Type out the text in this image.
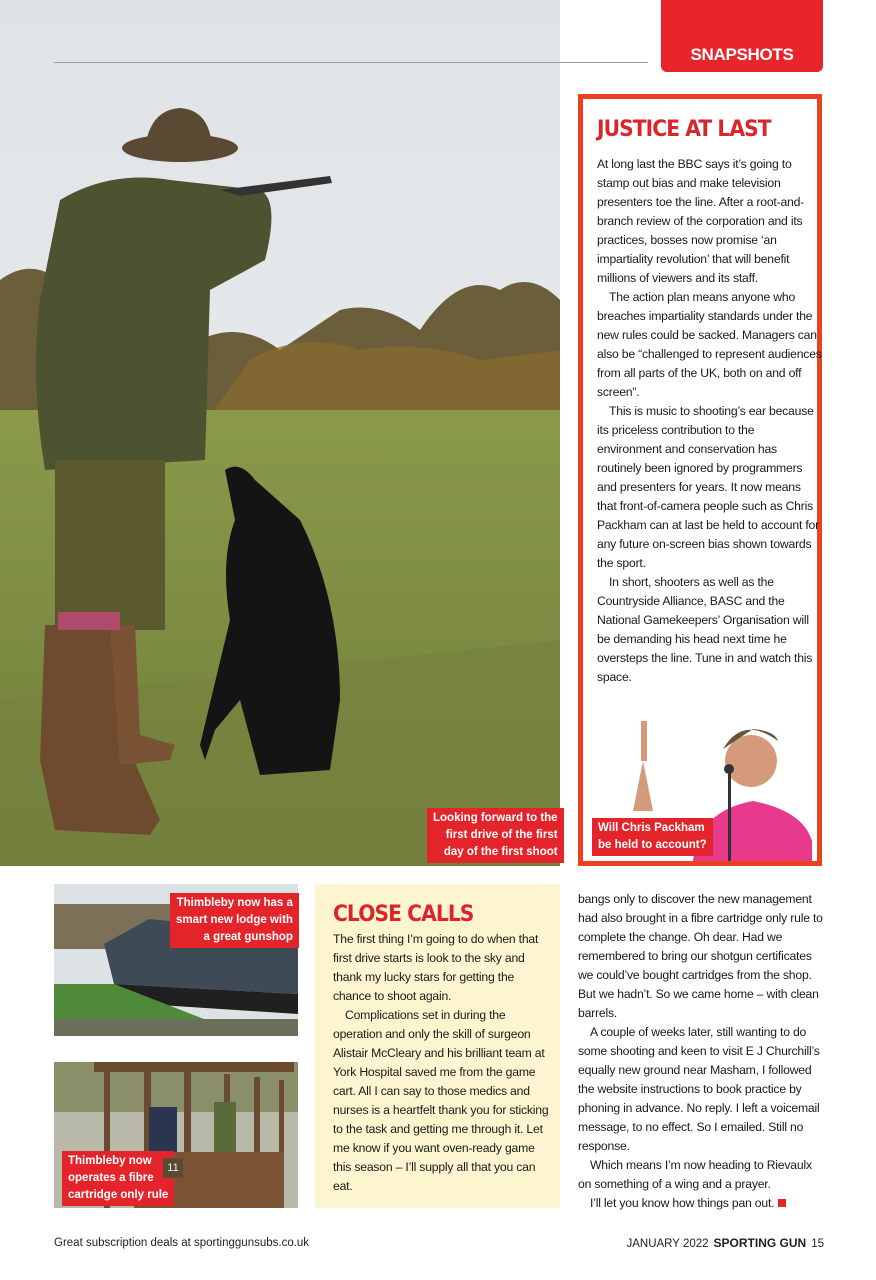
Looking forward to the
first drive of the first
day of the first shoot
SNAPSHOTS
JUSTICE AT LAST

At long last the BBC says it’s going to stamp out bias and make television presenters toe the line. After a root-and-branch review of the corporation and its practices, bosses now promise ‘an impartiality revolution’ that will benefit millions of viewers and its staff.

The action plan means anyone who breaches impartiality standards under the new rules could be sacked. Managers can also be “challenged to represent audiences from all parts of the UK, both on and off screen”.

This is music to shooting’s ear because its priceless contribution to the environment and conservation has routinely been ignored by programmers and presenters for years. It now means that front-of-camera people such as Chris Packham can at last be held to account for any future on-screen bias shown towards the sport.

In short, shooters as well as the Countryside Alliance, BASC and the National Gamekeepers’ Organisation will be demanding his head next time he oversteps the line. Tune in and watch this space.

Will Chris Packham
be held to account?
Thimbleby now has a
smart new lodge with
a great gunshop
Thimbleby now
operates a fibre
cartridge only rule
11
CLOSE CALLS

The first thing I’m going to do when that first drive starts is look to the sky and thank my lucky stars for getting the chance to shoot again.

Complications set in during the operation and only the skill of surgeon Alistair McCleary and his brilliant team at York Hospital saved me from the game cart. All I can say to those medics and nurses is a heartfelt thank you for sticking to the task and getting me through it. Let me know if you want oven-ready game this season – I’ll supply all that you can eat.

bangs only to discover the new management had also brought in a fibre cartridge only rule to complete the change. Oh dear. Had we remembered to bring our shotgun certificates we could’ve bought cartridges from the shop. But we hadn’t. So we came home – with clean barrels.

A couple of weeks later, still wanting to do some shooting and keen to visit E J Churchill’s equally new ground near Masham, I followed the website instructions to book practice by phoning in advance. No reply. I left a voicemail message, to no effect. So I emailed. Still no response.

Which means I’m now heading to Rievaulx on something of a wing and a prayer.

I’ll let you know how things pan out.

Great subscription deals at sportinggunsubs.co.uk	JANUARY 2022 SPORTING GUN 15
